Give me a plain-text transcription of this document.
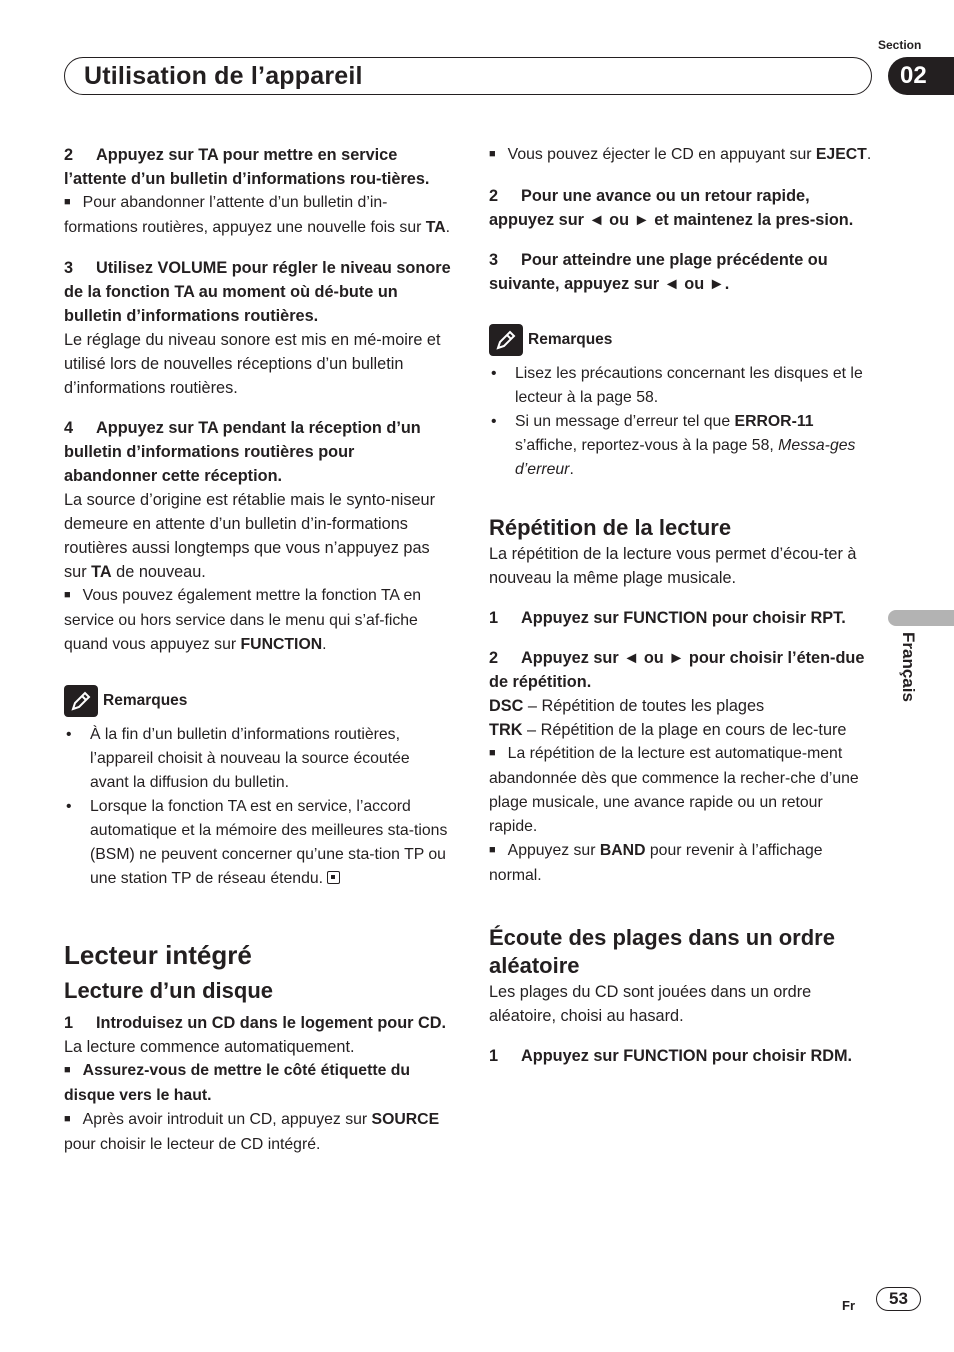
Section
Utilisation de l’appareil	02
Français

2 Appuyez sur TA pour mettre en service l’attente d’un bulletin d’informations rou-tières.

■ Pour abandonner l’attente d’un bulletin d’in-formations routières, appuyez une nouvelle fois sur TA.

3 Utilisez VOLUME pour régler le niveau sonore de la fonction TA au moment où dé-bute un bulletin d’informations routières.

Le réglage du niveau sonore est mis en mé-moire et utilisé lors de nouvelles réceptions d’un bulletin d’informations routières.

4 Appuyez sur TA pendant la réception d’un bulletin d’informations routières pour abandonner cette réception.

La source d’origine est rétablie mais le synto-niseur demeure en attente d’un bulletin d’in-formations routières aussi longtemps que vous n’appuyez pas sur TA de nouveau.

■ Vous pouvez également mettre la fonction TA en service ou hors service dans le menu qui s’af-fiche quand vous appuyez sur FUNCTION.

Remarques
• À la fin d’un bulletin d’informations routières, l’appareil choisit à nouveau la source écoutée avant la diffusion du bulletin.
• Lorsque la fonction TA est en service, l’accord automatique et la mémoire des meilleures sta-tions (BSM) ne peuvent concerner qu’une sta-tion TP ou une station TP de réseau étendu.
Lecteur intégré
Lecture d’un disque

1 Introduisez un CD dans le logement pour CD.

La lecture commence automatiquement.

■ Assurez-vous de mettre le côté étiquette du disque vers le haut.

■ Après avoir introduit un CD, appuyez sur SOURCE pour choisir le lecteur de CD intégré.

■ Vous pouvez éjecter le CD en appuyant sur EJECT.

2 Pour une avance ou un retour rapide, appuyez sur ◄ ou ► et maintenez la pres-sion.

3 Pour atteindre une plage précédente ou suivante, appuyez sur ◄ ou ►.

Remarques
• Lisez les précautions concernant les disques et le lecteur à la page 58.
• Si un message d’erreur tel que ERROR-11 s’affiche, reportez-vous à la page 58, Messa-ges d’erreur.
Répétition de la lecture

La répétition de la lecture vous permet d’écou-ter à nouveau la même plage musicale.

1 Appuyez sur FUNCTION pour choisir RPT.

2 Appuyez sur ◄ ou ► pour choisir l’éten-due de répétition.

DSC – Répétition de toutes les plages

TRK – Répétition de la plage en cours de lec-ture

■ La répétition de la lecture est automatique-ment abandonnée dès que commence la recher-che d’une plage musicale, une avance rapide ou un retour rapide.

■ Appuyez sur BAND pour revenir à l’affichage normal.

Écoute des plages dans un ordre aléatoire

Les plages du CD sont jouées dans un ordre aléatoire, choisi au hasard.

1 Appuyez sur FUNCTION pour choisir RDM.

Fr	53
